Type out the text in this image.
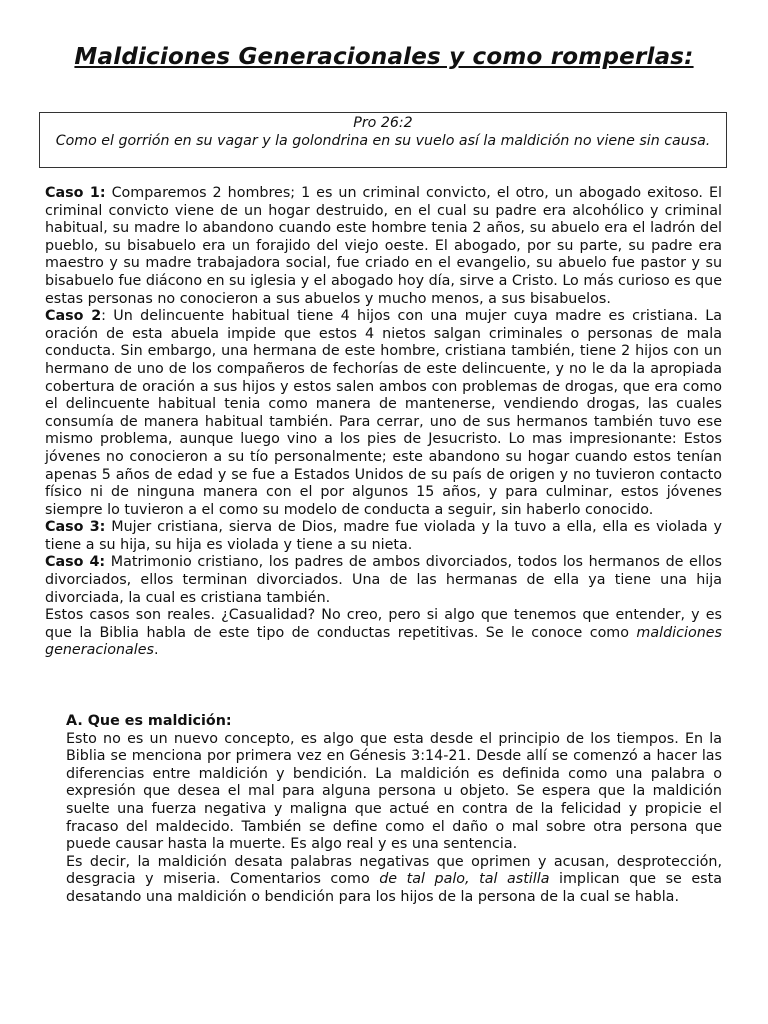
Maldiciones Generacionales y como romperlas:
Pro 26:2
Como el gorrión en su vagar y la golondrina en su vuelo así la maldición no viene sin causa.

Caso 1: Comparemos 2 hombres; 1 es un criminal convicto, el otro, un abogado exitoso. El criminal convicto viene de un hogar destruido, en el cual su padre era alcohólico y criminal habitual, su madre lo abandono cuando este hombre tenia 2 años, su abuelo era el ladrón del pueblo, su bisabuelo era un forajido del viejo oeste. El abogado, por su parte, su padre era maestro y su madre trabajadora social, fue criado en el evangelio, su abuelo fue pastor y su bisabuelo fue diácono en su iglesia y el abogado hoy día, sirve a Cristo. Lo más curioso es que estas personas no conocieron a sus abuelos y mucho menos, a sus bisabuelos.

Caso 2: Un delincuente habitual tiene 4 hijos con una mujer cuya madre es cristiana. La oración de esta abuela impide que estos 4 nietos salgan criminales o personas de mala conducta. Sin embargo, una hermana de este hombre, cristiana también, tiene 2 hijos con un hermano de uno de los compañeros de fechorías de este delincuente, y no le da la apropiada cobertura de oración a sus hijos y estos salen ambos con problemas de drogas, que era como el delincuente habitual tenia como manera de mantenerse, vendiendo drogas, las cuales consumía de manera habitual también. Para cerrar, uno de sus hermanos también tuvo ese mismo problema, aunque luego vino a los pies de Jesucristo. Lo mas impresionante: Estos jóvenes no conocieron a su tío personalmente; este abandono su hogar cuando estos tenían apenas 5 años de edad y se fue a Estados Unidos de su país de origen y no tuvieron contacto físico ni de ninguna manera con el por algunos 15 años, y para culminar, estos jóvenes siempre lo tuvieron a el como su modelo de conducta a seguir, sin haberlo conocido.

Caso 3: Mujer cristiana, sierva de Dios, madre fue violada y la tuvo a ella, ella es violada y tiene a su hija, su hija es violada y tiene a su nieta.

Caso 4: Matrimonio cristiano, los padres de ambos divorciados, todos los hermanos de ellos divorciados, ellos terminan divorciados. Una de las hermanas de ella ya tiene una hija divorciada, la cual es cristiana también.

Estos casos son reales. ¿Casualidad? No creo, pero si algo que tenemos que entender, y es que la Biblia habla de este tipo de conductas repetitivas. Se le conoce como maldiciones generacionales.

A. Que es maldición:

Esto no es un nuevo concepto, es algo que esta desde el principio de los tiempos. En la Biblia se menciona por primera vez en Génesis 3:14-21. Desde allí se comenzó a hacer las diferencias entre maldición y bendición. La maldición es definida como una palabra o expresión que desea el mal para alguna persona u objeto. Se espera que la maldición suelte una fuerza negativa y maligna que actué en contra de la felicidad y propicie el fracaso del maldecido. También se define como el daño o mal sobre otra persona que puede causar hasta la muerte. Es algo real y es una sentencia.

Es decir, la maldición desata palabras negativas que oprimen y acusan, desprotección, desgracia y miseria. Comentarios como de tal palo, tal astilla implican que se esta desatando una maldición o bendición para los hijos de la persona de la cual se habla.
